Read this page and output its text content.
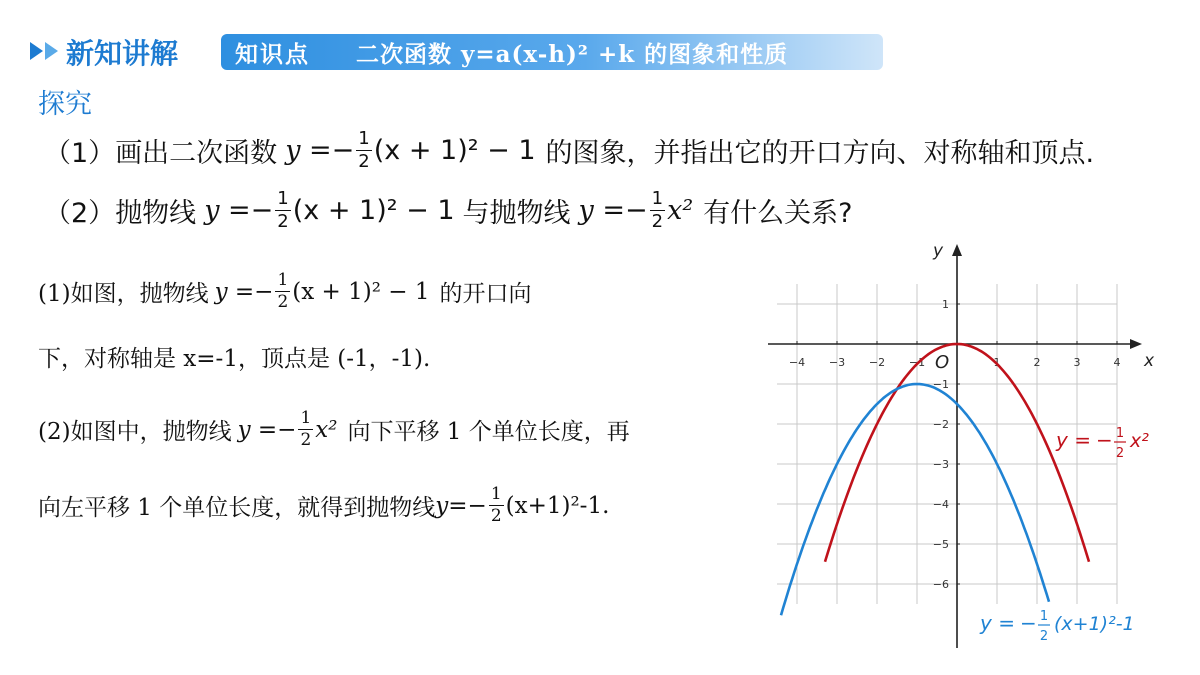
新知讲解 知识点 二次函数 y=a(x-h)² +k 的图象和性质
探究
（1） 画出二次函数 y = − $\frac{1}{2} (x + 1)^2 - 1$ 的图象，并指出它的开口方向、对称轴和顶点.
（2） 抛物线 y = − $\frac{1}{2} (x + 1)^2 - 1$ 与抛物线 y = − $\frac{1}{2} x^2$ 有什么关系?
(1)如图，抛物线 y = − $\frac{1}{2} (x + 1)^2 - 1$ 的开口向
下，对称轴是 x=-1，顶点是 (-1，-1).
(2)如图中，抛物线 y = − $\frac{1}{2} x^2$ 向下平移 1 个单位长度，再
向左平移 1 个单位长度，就得到抛物线 $y= - \frac{1}{2} (x+1)^2-1$.
x
y
O
−4 −3 −2 −1	1	2	3	4
1
−1
−2
−3
−4
−5
−6
y = − 1
2
x²
y = − 1
2
(x+1)²-1
